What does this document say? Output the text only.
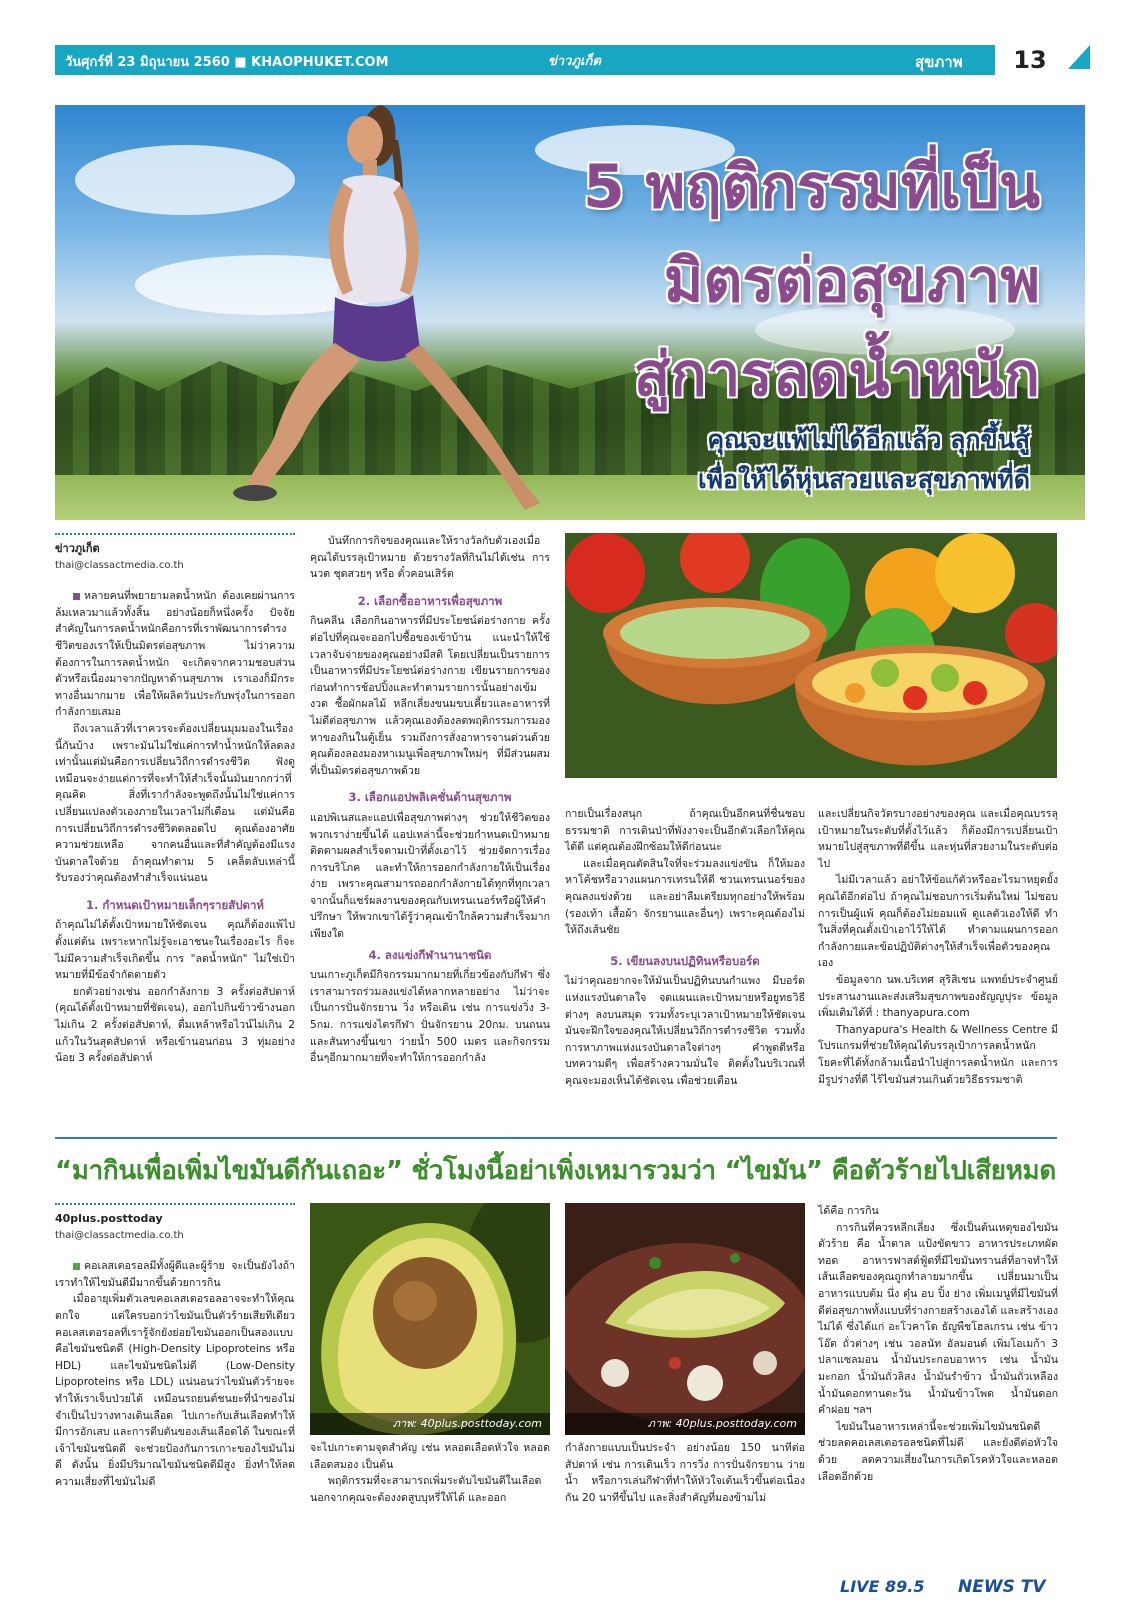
วันศุกร์ที่ 23 มิถุนายน 2560 ■ KHAOPHUKET.COM	ข่าวภูเก็ต	สุขภาพ	13
5 พฤติกรรมที่เป็น
มิตรต่อสุขภาพ
สู่การลดน้ำหนัก
คุณจะแพ้ไม่ได้อีกแล้ว ลุกขึ้นสู้
เพื่อให้ได้หุ่นสวยและสุขภาพที่ดี
ข่าวภูเก็ต
thai@classactmedia.co.th

หลายคนที่พยายามลดน้ำหนัก ต้องเคยผ่านการล้มเหลวมาแล้วทั้งสิ้น อย่างน้อยก็หนึ่งครั้ง ปัจจัยสำคัญในการลดน้ำหนักคือการที่เราพัฒนาการดำรงชีวิตของเราให้เป็นมิตรต่อสุขภาพ ไม่ว่าความต้องการในการลดน้ำหนัก จะเกิดจากความชอบส่วนตัวหรือเนื่องมาจากปัญหาด้านสุขภาพ เราเองก็มีกระทางอื่นมากมาย เพื่อให้ผลิตวันประกับพรุ่งในการออกกำลังกายเสมอ

ถึงเวลาแล้วที่เราควรจะต้องเปลี่ยนมุมมองในเรื่องนี้กันบ้าง เพราะมันไม่ใช่แค่การทำน้ำหนักให้ลดลงเท่านั้นแต่มันคือการเปลี่ยนวิถีการดำรงชีวิต ฟังดูเหมือนจะง่ายแต่การที่จะทำให้สำเร็จนั้นมันยากกว่าที่คุณคิด สิ่งที่เรากำลังจะพูดถึงนั้นไม่ใช่แค่การเปลี่ยนแปลงตัวเองภายในเวลาไม่กี่เดือน แต่มันคือการเปลี่ยนวิถีการดำรงชีวิตตลอดไป คุณต้องอาศัยความช่วยเหลือ จากคนอื่นและที่สำคัญต้องมีแรงบันดาลใจด้วย ถ้าคุณทำตาม 5 เคล็ดลับเหล่านี้ รับรองว่าคุณต้องทำสำเร็จแน่นอน

1. กำหนดเป้าหมายเล็กๆรายสัปดาห์

ถ้าคุณไม่ได้ตั้งเป้าหมายให้ชัดเจน คุณก็ต้องแพ้ไปตั้งแต่ต้น เพราะหากไม่รู้จะเอาชนะในเรื่องอะไร ก็จะไม่มีความสำเร็จเกิดขึ้น การ "ลดน้ำหนัก" ไม่ใช่เป้าหมายที่มีข้อจำกัดตายตัว

ยกตัวอย่างเช่น ออกกำลังกาย 3 ครั้งต่อสัปดาห์ (คุณได้ตั้งเป้าหมายที่ชัดเจน), ออกไปกินข้าวข้างนอกไม่เกิน 2 ครั้งต่อสัปดาห์, ดื่มเหล้าหรือไวน์ไม่เกิน 2 แก้วในวันสุดสัปดาห์ หรือเข้านอนก่อน 3 ทุ่มอย่างน้อย 3 ครั้งต่อสัปดาห์

บันทึกการกิจของคุณและให้รางวัลกับตัวเองเมื่อคุณได้บรรลุเป้าหมาย ด้วยรางวัลที่กินไม่ได้เช่น การนวด ชุดสวยๆ หรือ ตั๋วคอนเสิร์ต

2. เลือกซื้ออาหารเพื่อสุขภาพ

กินคลีน เลือกกินอาหารที่มีประโยชน์ต่อร่างกาย ครั้งต่อไปที่คุณจะออกไปซื้อของเข้าบ้าน แนะนำให้ใช้เวลาจับจ่ายของคุณอย่างมีสติ โดยเปลี่ยนเป็นรายการเป็นอาหารที่มีประโยชน์ต่อร่างกาย เขียนรายการของก่อนทำการช้อปปิ้งและทำตามรายการนั้นอย่างเข้มงวด ซื้อผักผลไม้ หลีกเลี่ยงขนมขบเคี้ยวและอาหารที่ไม่ดีต่อสุขภาพ แล้วคุณเองต้องลดพฤติกรรมการมองหาของกินในตู้เย็น รวมถึงการสั่งอาหารจานด่วนด้วย คุณต้องลองมองหาเมนูเพื่อสุขภาพใหม่ๆ ที่มีส่วนผสมที่เป็นมิตรต่อสุขภาพด้วย

3. เลือกแอปพลิเคชั่นด้านสุขภาพ

แอปพิเนสและแอปเพื่อสุขภาพต่างๆ ช่วยให้ชีวิตของพวกเราง่ายขึ้นได้ แอปเหล่านี้จะช่วยกำหนดเป้าหมาย ติดตามผลสำเร็จตามเป้าที่ตั้งเอาไว้ ช่วยจัดการเรื่องการบริโภค และทำให้การออกกำลังกายให้เป็นเรื่องง่าย เพราะคุณสามารถออกกำลังกายได้ทุกที่ทุกเวลา จากนั้นก็แชร์ผลงานของคุณกับเทรนเนอร์หรือผู้ให้คำปรึกษา ให้พวกเขาได้รู้ว่าคุณเข้าใกล้ความสำเร็จมากเพียงใด

4. ลงแข่งกีฬานานาชนิด

บนเกาะภูเก็ตมีกิจกรรมมากมายที่เกี่ยวข้องกับกีฬา ซึ่งเราสามารถร่วมลงแข่งได้หลากหลายอย่าง ไม่ว่าจะเป็นการปั่นจักรยาน วิ่ง หรือเดิน เช่น การแข่งวิ่ง 3-5กม. การแข่งไตรกีฬา ปั่นจักรยาน 20กม. บนถนนและสันทางขึ้นเขา ว่ายน้ำ 500 เมตร และกิจกรรมอื่นๆอีกมากมายที่จะทำให้การออกกำลัง

กายเป็นเรื่องสนุก ถ้าคุณเป็นอีกคนที่ชื่นชอบธรรมชาติ การเดินป่าที่พังงาจะเป็นอีกตัวเลือกให้คุณได้ดี แต่คุณต้องฝึกซ้อมให้ดีก่อนนะ

และเมื่อคุณตัดสินใจที่จะร่วมลงแข่งขัน ก็ให้มองหาโค้ชหรือวางแผนการเทรนให้ดี ชวนเทรนเนอร์ของคุณลงแข่งด้วย และอย่าลืมเตรียมทุกอย่างให้พร้อม (รองเท้า เสื้อผ้า จักรยานและอื่นๆ) เพราะคุณต้องไม่ให้ถึงเส้นชัย

5. เขียนลงบนปฏิทินหรือบอร์ด

ไม่ว่าคุณอยากจะให้มันเป็นปฏิทินบนกำแพง มีบอร์ดแห่งแรงบันดาลใจ จดแผนและเป้าหมายหรือยูทธวิธีต่างๆ ลงบนสมุด รวมทั้งระบุเวลาเป้าหมายให้ชัดเจน มันจะฝึกใจของคุณให้เปลี่ยนวิถีการดำรงชีวิต รวมทั้งการหาภาพแห่งแรงบันดาลใจต่างๆ คำพูดดีหรือบทความดีๆ เพื่อสร้างความมั่นใจ ติดตั้งในบริเวณที่คุณจะมองเห็นได้ชัดเจน เพื่อช่วยเตือน

และเปลี่ยนกิจวัตรบางอย่างของคุณ และเมื่อคุณบรรลุเป้าหมายในระดับที่ตั้งไว้แล้ว ก็ต้องมีการเปลี่ยนเป้าหมายไปสู่สุขภาพที่ดีขึ้น และหุ่นที่สวยงามในระดับต่อไป

ไม่มีเวลาแล้ว อย่าให้ข้อแก้ตัวหรืออะไรมาหยุดยั้งคุณได้อีกต่อไป ถ้าคุณไม่ชอบการเริ่มต้นใหม่ ไม่ชอบการเป็นผู้แพ้ คุณก็ต้องไม่ยอมแพ้ ดูแลตัวเองให้ดี ทำในสิ่งที่คุณตั้งเป้าเอาไว้ให้ได้ ทำตามแผนการออกกำลังกายและข้อปฏิบัติต่างๆให้สำเร็จเพื่อตัวของคุณเอง

ข้อมูลจาก นพ.บริเทศ สุริสิเชน แพทย์ประจำศูนย์ประสานงานและส่งเสริมสุขภาพของธัญญปุระ ข้อมูลเพิ่มเติมได้ที่ : thanyapura.com

Thanyapura's Health & Wellness Centre มีโปรแกรมที่ช่วยให้คุณได้บรรลุเป้าการลดน้ำหนัก โยคะที่ได้ทั้งกล้ามเนื้อนำไปสู่การลดน้ำหนัก และการมีรูปร่างที่ดี ไร้ไขมันส่วนเกินด้วยวิธีธรรมชาติ

“มากินเพื่อเพิ่มไขมันดีกันเถอะ” ชั่วโมงนี้อย่าเพิ่งเหมารวมว่า “ไขมัน” คือตัวร้ายไปเสียหมด
40plus.posttoday
thai@classactmedia.co.th

คอเลสเตอรอลมีทั้งผู้ดีและผู้ร้าย จะเป็นยังไงถ้าเราทำให้ไขมันดีมีมากขึ้นด้วยการกิน

เมื่ออายุเพิ่มตัวเลขคอเลสเตอรอลอาจจะทำให้คุณตกใจ แต่ใครบอกว่าไขมันเป็นตัวร้ายเสียทีเดียว คอเลสเตอรอลที่เรารู้จักยังย่อยไขมันออกเป็นสองแบบ คือไขมันชนิดดี (High-Density Lipoproteins หรือ HDL) และไขมันชนิดไม่ดี (Low-Density Lipoproteins หรือ LDL) แน่นอนว่าไขมันตัวร้ายจะทำให้เราเจ็บป่วยได้ เหมือนรถยนต์ชนยะที่นำของไม่จำเป็นไปวางทางเดินเลือด ไปเกาะกับเส้นเลือดทำให้มีการอักเสบ และการตีบตันของเส้นเลือดได้ ในขณะที่เจ้าไขมันชนิดดี จะช่วยป้องกันการเกาะของไขมันไม่ดี ดังนั้น ยิ่งมีปริมาณไขมันชนิดดีมีสูง ยิ่งทำให้ลดความเสี่ยงที่ไขมันไม่ดี

ภาพ: 40plus.posttoday.com	ภาพ: 40plus.posttoday.com

จะไปเกาะตามจุดสำคัญ เช่น หลอดเลือดหัวใจ หลอดเลือดสมอง เป็นต้น

พฤติกรรมที่จะสามารถเพิ่มระดับไขมันดีในเลือด นอกจากคุณจะต้องงดสูบบุหรี่ให้ได้ และออก

กำลังกายแบบเป็นประจำ อย่างน้อย 150 นาทีต่อสัปดาห์ เช่น การเดินเร็ว การวิ่ง การปั่นจักรยาน ว่ายน้ำ หรือการเล่นกีฬาที่ทำให้หัวใจเต้นเร็วขึ้นต่อเนื่องกัน 20 นาทีขึ้นไป และสิ่งสำคัญที่มองข้ามไม่

ได้คือ การกิน

การกินที่ควรหลีกเลี่ยง ซึ่งเป็นต้นเหตุของไขมันตัวร้าย คือ น้ำตาล แป้งขัดขาว อาหารประเภทผัดทอด อาหารฟาสต์ฟู้ดที่มีไขมันทรานส์ที่อาจทำให้เส้นเลือดของคุณถูกทำลายมากขึ้น เปลี่ยนมาเป็นอาหารแบบต้ม นึ่ง ตุ๋น อบ ปิ้ง ย่าง เพิ่มเมนูที่มีไขมันที่ดีต่อสุขภาพทั้งแบบที่ร่างกายสร้างเองได้ และสร้างเองไม่ได้ ซึ่งได้แก่ อะโวคาโด ธัญพืชโฮลเกรน เช่น ข้าวโอ๊ต ถั่วต่างๆ เช่น วอลนัท อัลมอนด์ เพิ่มโอเมก้า 3 ปลาแซลมอน น้ำมันประกอบอาหาร เช่น น้ำมันมะกอก น้ำมันถั่วลิสง น้ำมันรำข้าว น้ำมันถั่วเหลือง น้ำมันดอกทานตะวัน น้ำมันข้าวโพด น้ำมันดอกคำฝอย ฯลฯ

ไขมันในอาหารเหล่านี้จะช่วยเพิ่มไขมันชนิดดี ช่วยลดคอเลสเตอรอลชนิดที่ไม่ดี และยังดีต่อหัวใจด้วย ลดความเสี่ยงในการเกิดโรคหัวใจและหลอดเลือดอีกด้วย

LIVE 89.5 NEWS TV
